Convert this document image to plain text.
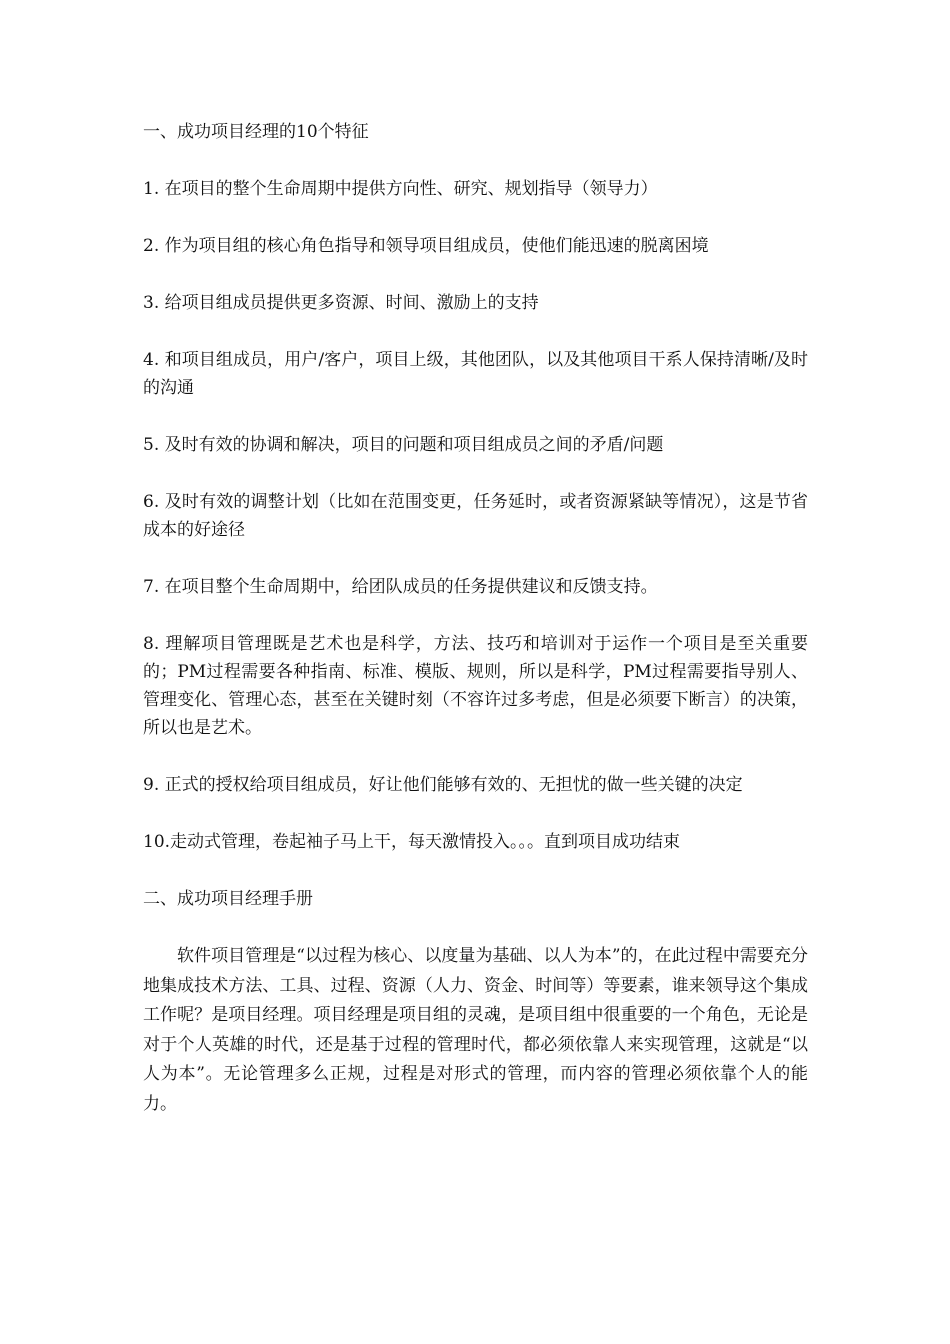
一、成功项目经理的10个特征

1. 在项目的整个生命周期中提供方向性、研究、规划指导（领导力）

2. 作为项目组的核心角色指导和领导项目组成员，使他们能迅速的脱离困境

3. 给项目组成员提供更多资源、时间、激励上的支持

4. 和项目组成员，用户/客户，项目上级，其他团队，以及其他项目干系人保持清晰/及时的沟通

5. 及时有效的协调和解决，项目的问题和项目组成员之间的矛盾/问题

6. 及时有效的调整计划（比如在范围变更，任务延时，或者资源紧缺等情况），这是节省成本的好途径

7. 在项目整个生命周期中，给团队成员的任务提供建议和反馈支持。

8. 理解项目管理既是艺术也是科学，方法、技巧和培训对于运作一个项目是至关重要的；PM过程需要各种指南、标准、模版、规则，所以是科学，PM过程需要指导别人、管理变化、管理心态，甚至在关键时刻（不容许过多考虑，但是必须要下断言）的决策，所以也是艺术。

9. 正式的授权给项目组成员，好让他们能够有效的、无担忧的做一些关键的决定

10.走动式管理，卷起袖子马上干，每天激情投入。。。直到项目成功结束

二、成功项目经理手册

软件项目管理是“以过程为核心、以度量为基础、以人为本”的，在此过程中需要充分地集成技术方法、工具、过程、资源（人力、资金、时间等）等要素，谁来领导这个集成工作呢？是项目经理。项目经理是项目组的灵魂，是项目组中很重要的一个角色，无论是对于个人英雄的时代，还是基于过程的管理时代，都必须依靠人来实现管理，这就是“以人为本”。无论管理多么正规，过程是对形式的管理，而内容的管理必须依靠个人的能力。
